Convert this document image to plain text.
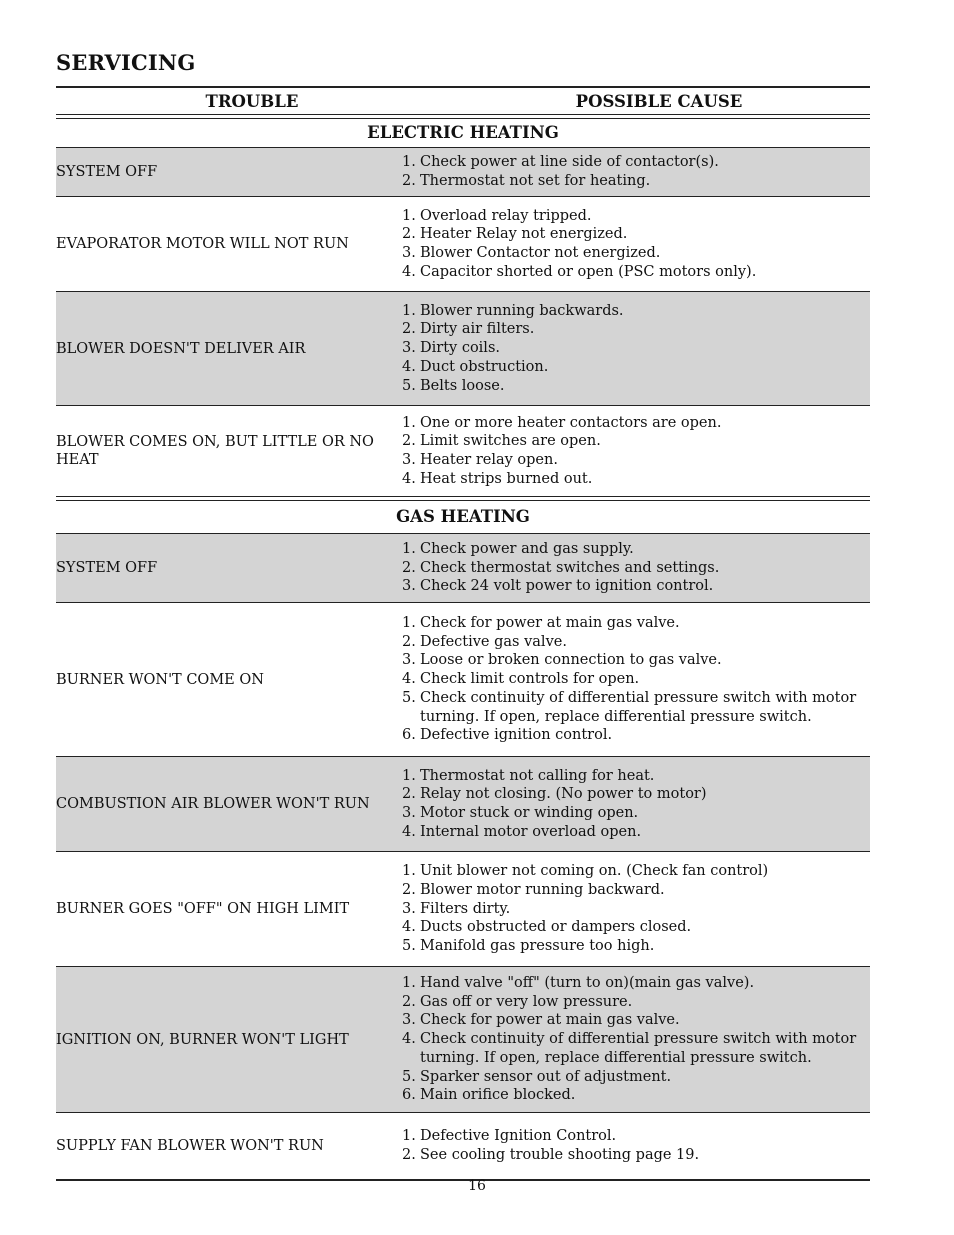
SERVICING
TROUBLE	POSSIBLE CAUSE
ELECTRIC HEATING
SYSTEM OFF
1. Check power at line side of contactor(s).
2. Thermostat not set for heating.
EVAPORATOR MOTOR WILL NOT RUN
1. Overload relay tripped.
2. Heater Relay not energized.
3. Blower Contactor not energized.
4. Capacitor shorted or open (PSC motors only).
BLOWER DOESN'T DELIVER AIR
1. Blower running backwards.
2. Dirty air filters.
3. Dirty coils.
4. Duct obstruction.
5. Belts loose.
BLOWER COMES ON, BUT LITTLE OR NO HEAT
1. One or more heater contactors are open.
2. Limit switches are open.
3. Heater relay open.
4. Heat strips burned out.
GAS HEATING
SYSTEM OFF
1. Check power and gas supply.
2. Check thermostat switches and settings.
3. Check 24 volt power to ignition control.
BURNER WON'T COME ON
1. Check for power at main gas valve.
2. Defective gas valve.
3. Loose or broken connection to gas valve.
4. Check limit controls for open.
5. Check continuity of differential pressure switch with motor turning. If open, replace differential pressure switch.
6. Defective ignition control.
COMBUSTION AIR BLOWER WON'T RUN
1. Thermostat not calling for heat.
2. Relay not closing. (No power to motor)
3. Motor stuck or winding open.
4. Internal motor overload open.
BURNER GOES "OFF" ON HIGH LIMIT
1. Unit blower not coming on. (Check fan control)
2. Blower motor running backward.
3. Filters dirty.
4. Ducts obstructed or dampers closed.
5. Manifold gas pressure too high.
IGNITION ON, BURNER WON'T LIGHT
1. Hand valve "off" (turn to on)(main gas valve).
2. Gas off or very low pressure.
3. Check for power at main gas valve.
4. Check continuity of differential pressure switch with motor turning. If open, replace differential pressure switch.
5. Sparker sensor out of adjustment.
6. Main orifice blocked.
SUPPLY FAN BLOWER WON'T RUN
1. Defective Ignition Control.
2. See cooling trouble shooting page 19.
16
